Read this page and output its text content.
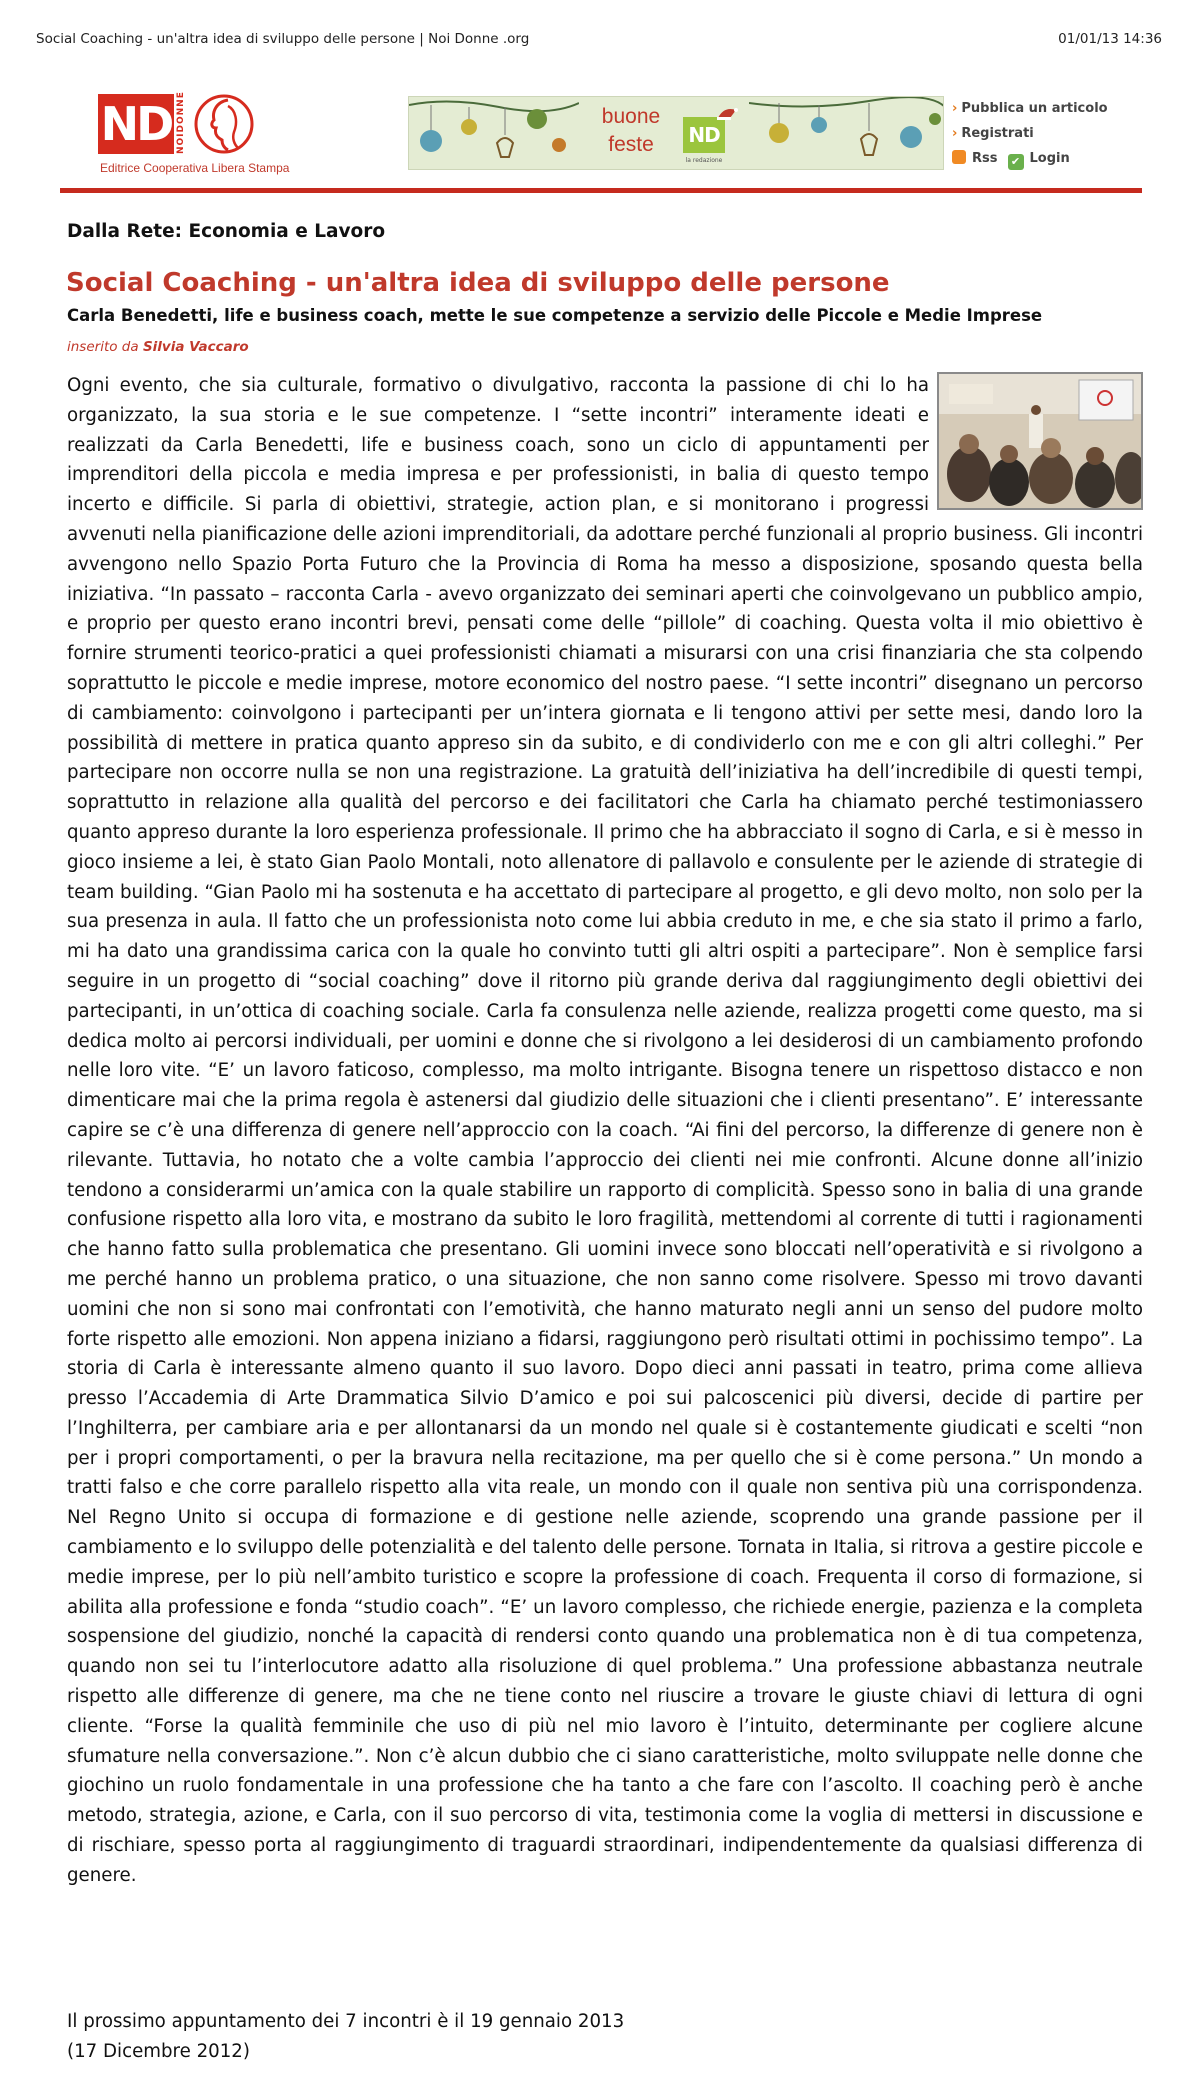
Social Coaching - un'altra idea di sviluppo delle persone | Noi Donne .org	01/01/13 14:36
ND NOIDONNE
Editrice Cooperativa Libera Stampa
buone
feste	ND
la redazione
› Pubblica un articolo
› Registrati
Rss	✔ Login
Dalla Rete: Economia e Lavoro
Social Coaching - un'altra idea di sviluppo delle persone
Carla Benedetti, life e business coach, mette le sue competenze a servizio delle Piccole e Medie Imprese
inserito da Silvia Vaccaro
Ogni evento, che sia culturale, formativo o divulgativo, racconta la passione di chi lo ha organizzato, la sua storia e le sue competenze. I “sette incontri” interamente ideati e realizzati da Carla Benedetti, life e business coach, sono un ciclo di appuntamenti per imprenditori della piccola e media impresa e per professionisti, in balia di questo tempo incerto e difficile. Si parla di obiettivi, strategie, action plan, e si monitorano i progressi avvenuti nella pianificazione delle azioni imprenditoriali, da adottare perché funzionali al proprio business. Gli incontri avvengono nello Spazio Porta Futuro che la Provincia di Roma ha messo a disposizione, sposando questa bella iniziativa. “In passato – racconta Carla - avevo organizzato dei seminari aperti che coinvolgevano un pubblico ampio, e proprio per questo erano incontri brevi, pensati come delle “pillole” di coaching. Questa volta il mio obiettivo è fornire strumenti teorico-pratici a quei professionisti chiamati a misurarsi con una crisi finanziaria che sta colpendo soprattutto le piccole e medie imprese, motore economico del nostro paese. “I sette incontri” disegnano un percorso di cambiamento: coinvolgono i partecipanti per un’intera giornata e li tengono attivi per sette mesi, dando loro la possibilità di mettere in pratica quanto appreso sin da subito, e di condividerlo con me e con gli altri colleghi.” Per partecipare non occorre nulla se non una registrazione. La gratuità dell’iniziativa ha dell’incredibile di questi tempi, soprattutto in relazione alla qualità del percorso e dei facilitatori che Carla ha chiamato perché testimoniassero quanto appreso durante la loro esperienza professionale. Il primo che ha abbracciato il sogno di Carla, e si è messo in gioco insieme a lei, è stato Gian Paolo Montali, noto allenatore di pallavolo e consulente per le aziende di strategie di team building. “Gian Paolo mi ha sostenuta e ha accettato di partecipare al progetto, e gli devo molto, non solo per la sua presenza in aula. Il fatto che un professionista noto come lui abbia creduto in me, e che sia stato il primo a farlo, mi ha dato una grandissima carica con la quale ho convinto tutti gli altri ospiti a partecipare”. Non è semplice farsi seguire in un progetto di “social coaching” dove il ritorno più grande deriva dal raggiungimento degli obiettivi dei partecipanti, in un’ottica di coaching sociale. Carla fa consulenza nelle aziende, realizza progetti come questo, ma si dedica molto ai percorsi individuali, per uomini e donne che si rivolgono a lei desiderosi di un cambiamento profondo nelle loro vite. “E’ un lavoro faticoso, complesso, ma molto intrigante. Bisogna tenere un rispettoso distacco e non dimenticare mai che la prima regola è astenersi dal giudizio delle situazioni che i clienti presentano”. E’ interessante capire se c’è una differenza di genere nell’approccio con la coach. “Ai fini del percorso, la differenze di genere non è rilevante. Tuttavia, ho notato che a volte cambia l’approccio dei clienti nei mie confronti. Alcune donne all’inizio tendono a considerarmi un’amica con la quale stabilire un rapporto di complicità. Spesso sono in balia di una grande confusione rispetto alla loro vita, e mostrano da subito le loro fragilità, mettendomi al corrente di tutti i ragionamenti che hanno fatto sulla problematica che presentano. Gli uomini invece sono bloccati nell’operatività e si rivolgono a me perché hanno un problema pratico, o una situazione, che non sanno come risolvere. Spesso mi trovo davanti uomini che non si sono mai confrontati con l’emotività, che hanno maturato negli anni un senso del pudore molto forte rispetto alle emozioni. Non appena iniziano a fidarsi, raggiungono però risultati ottimi in pochissimo tempo”. La storia di Carla è interessante almeno quanto il suo lavoro. Dopo dieci anni passati in teatro, prima come allieva presso l’Accademia di Arte Drammatica Silvio D’amico e poi sui palcoscenici più diversi, decide di partire per l’Inghilterra, per cambiare aria e per allontanarsi da un mondo nel quale si è costantemente giudicati e scelti “non per i propri comportamenti, o per la bravura nella recitazione, ma per quello che si è come persona.” Un mondo a tratti falso e che corre parallelo rispetto alla vita reale, un mondo con il quale non sentiva più una corrispondenza. Nel Regno Unito si occupa di formazione e di gestione nelle aziende, scoprendo una grande passione per il cambiamento e lo sviluppo delle potenzialità e del talento delle persone. Tornata in Italia, si ritrova a gestire piccole e medie imprese, per lo più nell’ambito turistico e scopre la professione di coach. Frequenta il corso di formazione, si abilita alla professione e fonda “studio coach”. “E’ un lavoro complesso, che richiede energie, pazienza e la completa sospensione del giudizio, nonché la capacità di rendersi conto quando una problematica non è di tua competenza, quando non sei tu l’interlocutore adatto alla risoluzione di quel problema.” Una professione abbastanza neutrale rispetto alle differenze di genere, ma che ne tiene conto nel riuscire a trovare le giuste chiavi di lettura di ogni cliente. “Forse la qualità femminile che uso di più nel mio lavoro è l’intuito, determinante per cogliere alcune sfumature nella conversazione.”. Non c’è alcun dubbio che ci siano caratteristiche, molto sviluppate nelle donne che giochino un ruolo fondamentale in una professione che ha tanto a che fare con l’ascolto. Il coaching però è anche metodo, strategia, azione, e Carla, con il suo percorso di vita, testimonia come la voglia di mettersi in discussione e di rischiare, spesso porta al raggiungimento di traguardi straordinari, indipendentemente da qualsiasi differenza di genere.
Il prossimo appuntamento dei 7 incontri è il 19 gennaio 2013
(17 Dicembre 2012)
